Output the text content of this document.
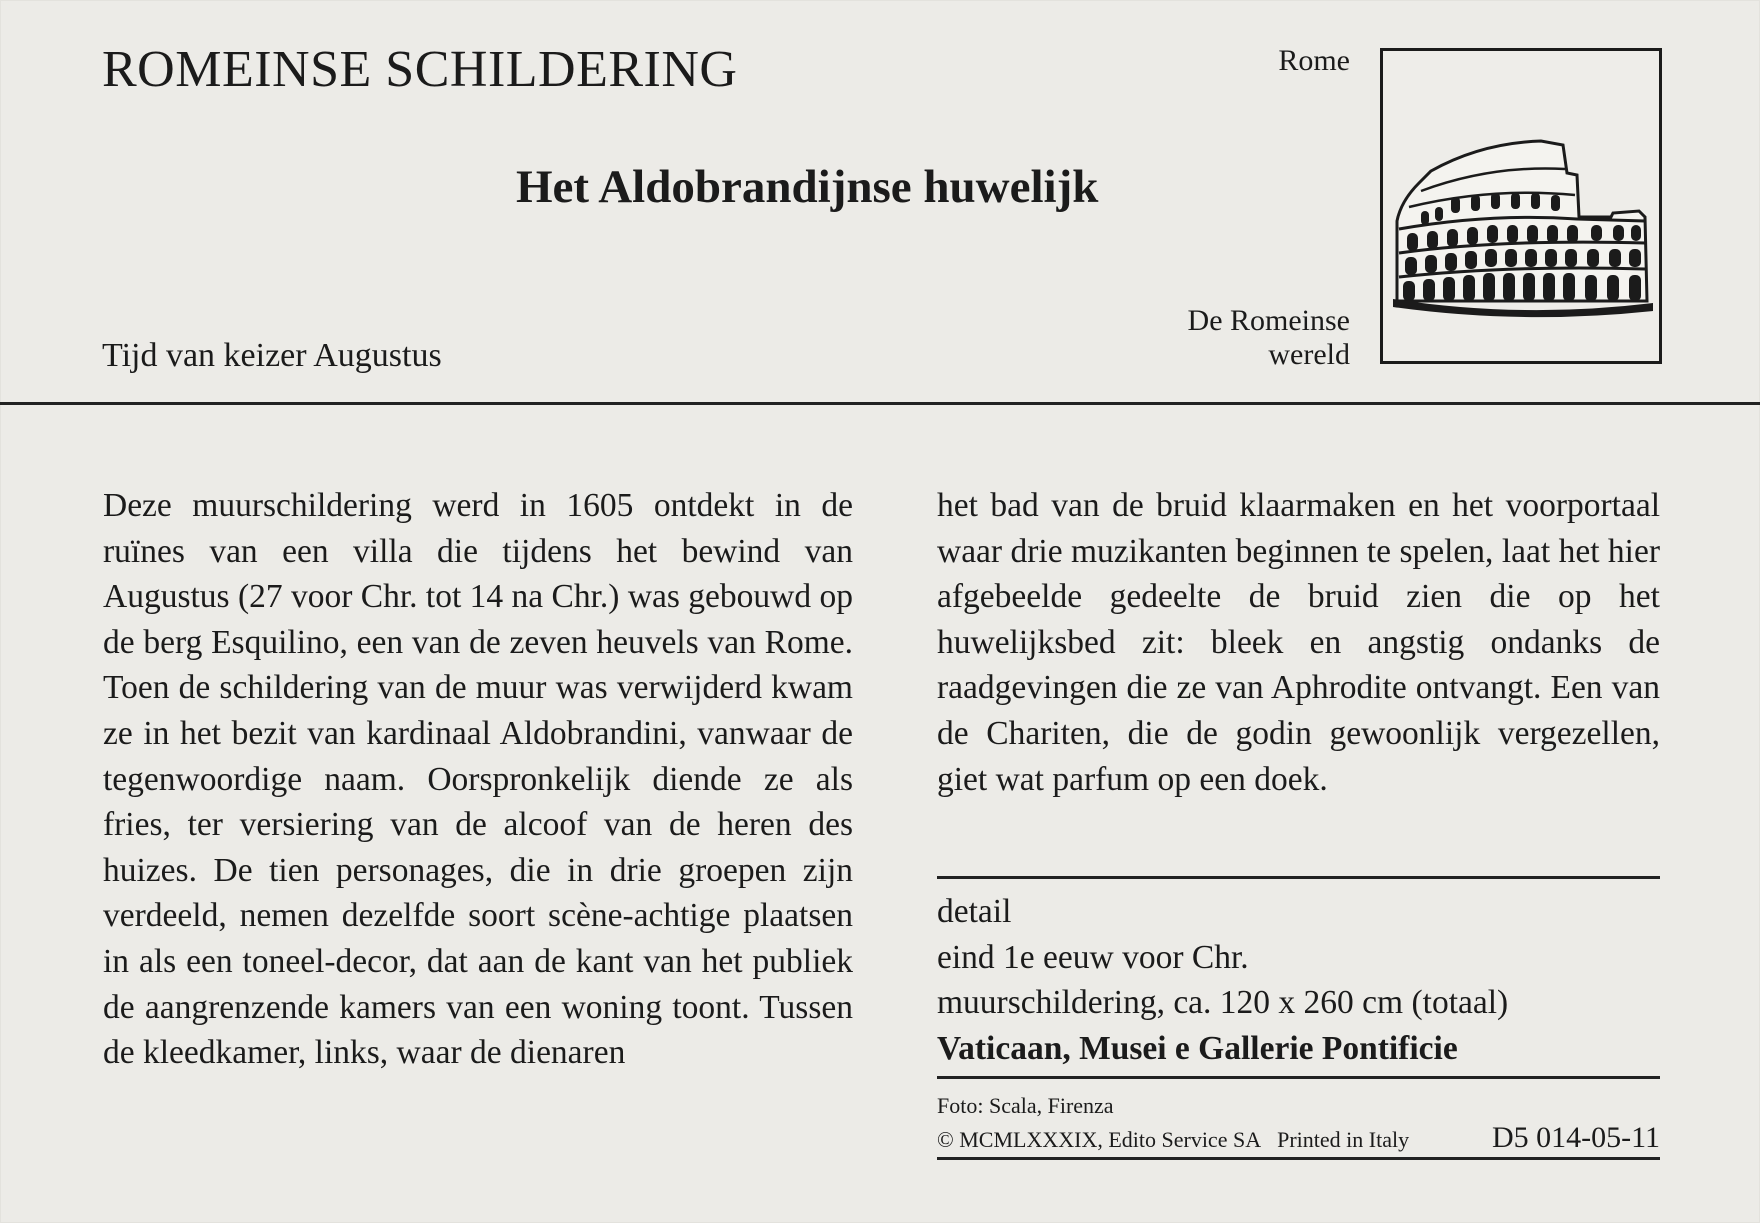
ROMEINSE SCHILDERING
Het Aldobrandijnse huwelijk
Tijd van keizer Augustus
Rome
De Romeinse
wereld

Deze muurschildering werd in 1605 ontdekt in de ruïnes van een villa die tijdens het bewind van Augustus (27 voor Chr. tot 14 na Chr.) was gebouwd op de berg Esquilino, een van de zeven heuvels van Rome. Toen de schildering van de muur was verwijderd kwam ze in het bezit van kardinaal Aldobrandini, vanwaar de tegenwoordige naam. Oorspronkelijk diende ze als fries, ter versiering van de alcoof van de heren des huizes. De tien personages, die in drie groepen zijn verdeeld, nemen dezelfde soort scène-achtige plaatsen in als een toneel-decor, dat aan de kant van het publiek de aangrenzende kamers van een woning toont. Tussen de kleedkamer, links, waar de dienaren

het bad van de bruid klaarmaken en het voorportaal waar drie muzikanten beginnen te spelen, laat het hier afgebeelde gedeelte de bruid zien die op het huwelijksbed zit: bleek en angstig ondanks de raadgevingen die ze van Aphrodite ontvangt. Een van de Chariten, die de godin gewoonlijk vergezellen, giet wat parfum op een doek.

detail
eind 1e eeuw voor Chr.
muurschildering, ca. 120 x 260 cm (totaal)
Vaticaan, Musei e Gallerie Pontificie
Foto: Scala, Firenza
© MCMLXXXIX, Edito Service SA Printed in Italy	D5 014-05-11
